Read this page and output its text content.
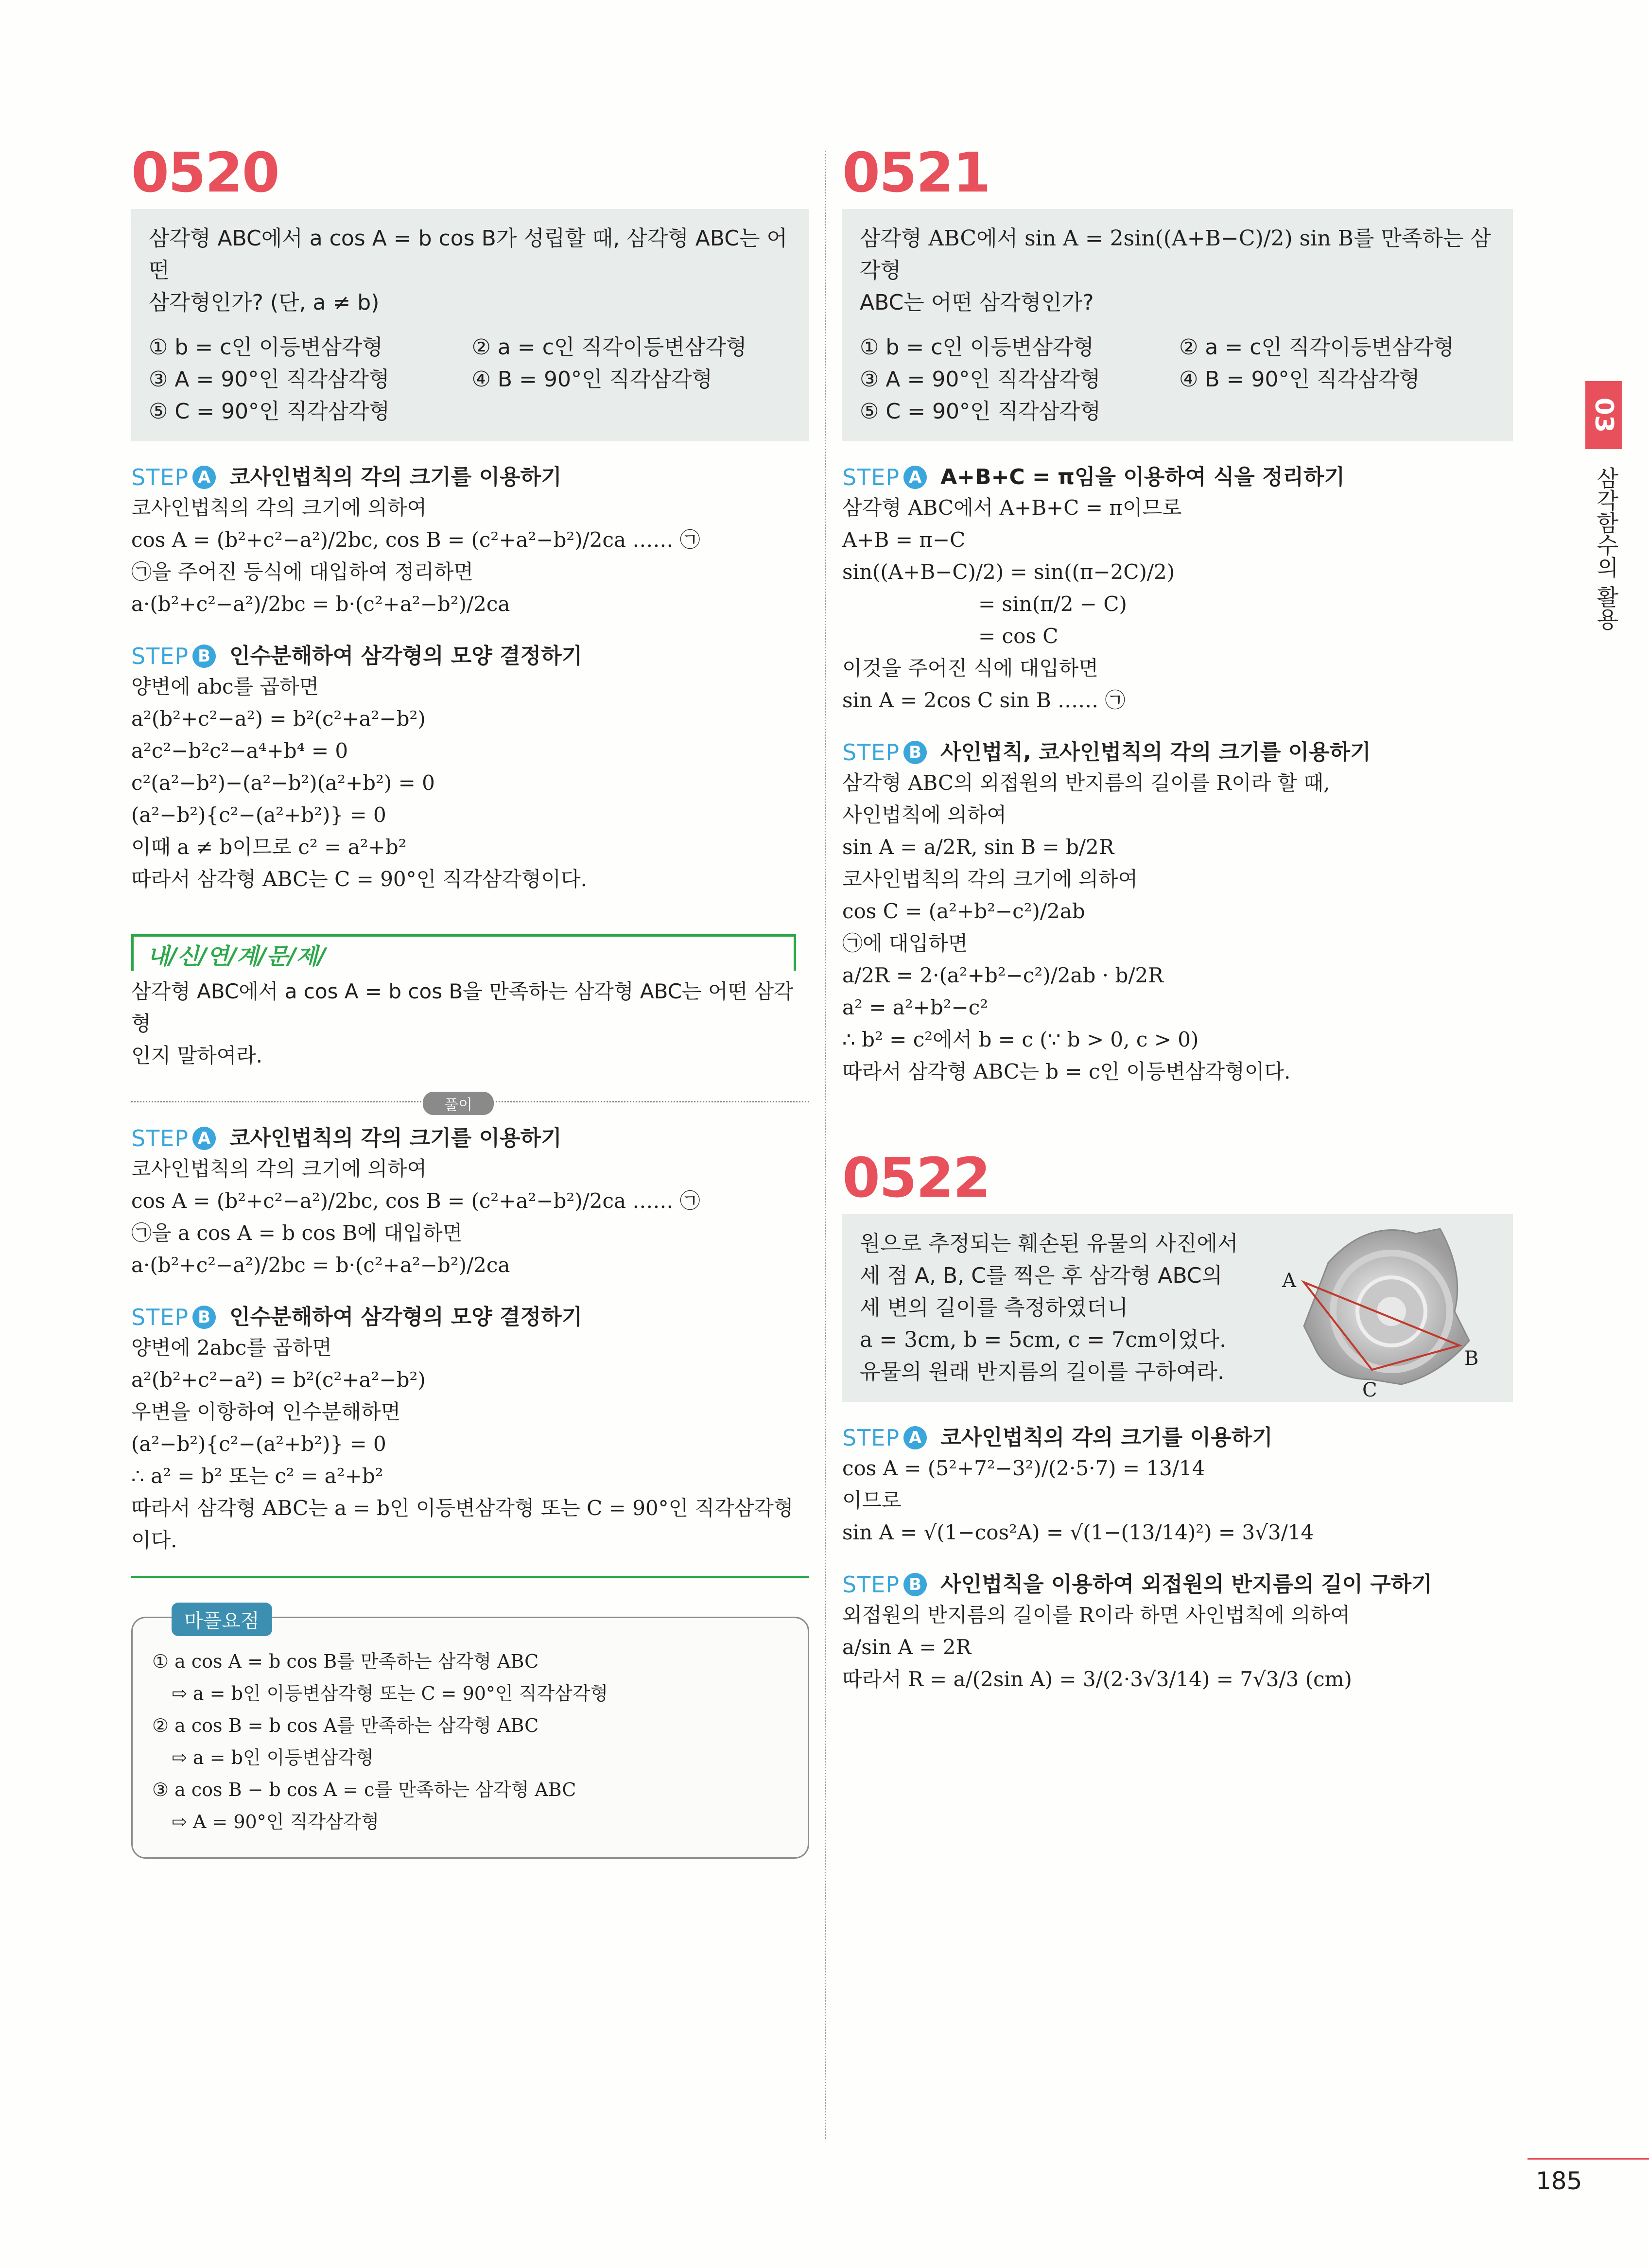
0520

삼각형 ABC에서 a cos A = b cos B가 성립할 때, 삼각형 ABC는 어떤

삼각형인가? (단, a ≠ b)

① b = c인 이등변삼각형	② a = c인 직각이등변삼각형
③ A = 90°인 직각삼각형	④ B = 90°인 직각삼각형
⑤ C = 90°인 직각삼각형
STEP A 코사인법칙의 각의 크기를 이용하기

코사인법칙의 각의 크기에 의하여

cos A = (b²+c²−a²)/2bc, cos B = (c²+a²−b²)/2ca …… ㉠

㉠을 주어진 등식에 대입하여 정리하면

a·(b²+c²−a²)/2bc = b·(c²+a²−b²)/2ca

STEP B 인수분해하여 삼각형의 모양 결정하기

양변에 abc를 곱하면

a²(b²+c²−a²) = b²(c²+a²−b²)

a²c²−b²c²−a⁴+b⁴ = 0

c²(a²−b²)−(a²−b²)(a²+b²) = 0

(a²−b²){c²−(a²+b²)} = 0

이때 a ≠ b이므로 c² = a²+b²

따라서 삼각형 ABC는 C = 90°인 직각삼각형이다.

내/신/연/계/문/제/

삼각형 ABC에서 a cos A = b cos B을 만족하는 삼각형 ABC는 어떤 삼각형

인지 말하여라.

풀이
STEP A 코사인법칙의 각의 크기를 이용하기

코사인법칙의 각의 크기에 의하여

cos A = (b²+c²−a²)/2bc, cos B = (c²+a²−b²)/2ca …… ㉠

㉠을 a cos A = b cos B에 대입하면

a·(b²+c²−a²)/2bc = b·(c²+a²−b²)/2ca

STEP B 인수분해하여 삼각형의 모양 결정하기

양변에 2abc를 곱하면

a²(b²+c²−a²) = b²(c²+a²−b²)

우변을 이항하여 인수분해하면

(a²−b²){c²−(a²+b²)} = 0

∴ a² = b² 또는 c² = a²+b²

따라서 삼각형 ABC는 a = b인 이등변삼각형 또는 C = 90°인 직각삼각형

이다.

마플요점
① a cos A = b cos B를 만족하는 삼각형 ABC
⇨ a = b인 이등변삼각형 또는 C = 90°인 직각삼각형
② a cos B = b cos A를 만족하는 삼각형 ABC
⇨ a = b인 이등변삼각형
③ a cos B − b cos A = c를 만족하는 삼각형 ABC
⇨ A = 90°인 직각삼각형
0521

삼각형 ABC에서 sin A = 2sin((A+B−C)/2) sin B를 만족하는 삼각형

ABC는 어떤 삼각형인가?

① b = c인 이등변삼각형	② a = c인 직각이등변삼각형
③ A = 90°인 직각삼각형	④ B = 90°인 직각삼각형
⑤ C = 90°인 직각삼각형
STEP A A+B+C = π임을 이용하여 식을 정리하기

삼각형 ABC에서 A+B+C = π이므로

A+B = π−C

sin((A+B−C)/2) = sin((π−2C)/2)

= sin(π/2 − C)

= cos C

이것을 주어진 식에 대입하면

sin A = 2cos C sin B …… ㉠

STEP B 사인법칙, 코사인법칙의 각의 크기를 이용하기

삼각형 ABC의 외접원의 반지름의 길이를 R이라 할 때,

사인법칙에 의하여

sin A = a/2R, sin B = b/2R

코사인법칙의 각의 크기에 의하여

cos C = (a²+b²−c²)/2ab

㉠에 대입하면

a/2R = 2·(a²+b²−c²)/2ab · b/2R

a² = a²+b²−c²

∴ b² = c²에서 b = c (∵ b > 0, c > 0)

따라서 삼각형 ABC는 b = c인 이등변삼각형이다.

0522

원으로 추정되는 훼손된 유물의 사진에서

세 점 A, B, C를 찍은 후 삼각형 ABC의

세 변의 길이를 측정하였더니

a = 3cm, b = 5cm, c = 7cm이었다.

유물의 원래 반지름의 길이를 구하여라.

A
B
C
STEP A 코사인법칙의 각의 크기를 이용하기

cos A = (5²+7²−3²)/(2·5·7) = 13/14

이므로

sin A = √(1−cos²A) = √(1−(13/14)²) = 3√3/14

STEP B 사인법칙을 이용하여 외접원의 반지름의 길이 구하기

외접원의 반지름의 길이를 R이라 하면 사인법칙에 의하여

a/sin A = 2R

따라서 R = a/(2sin A) = 3/(2·3√3/14) = 7√3/3 (cm)

03
삼각함수의 활용
185
